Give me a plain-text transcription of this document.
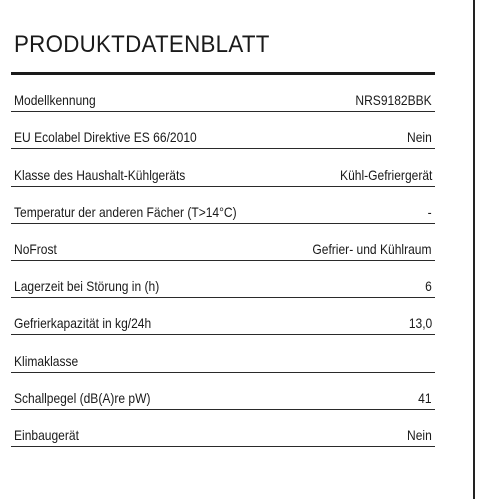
PRODUKTDATENBLATT
Modellkennung	NRS9182BBK
EU Ecolabel Direktive ES 66/2010	Nein
Klasse des Haushalt-Kühlgeräts	Kühl-Gefriergerät
Temperatur der anderen Fächer (T>14°C)	-
NoFrost	Gefrier- und Kühlraum
Lagerzeit bei Störung in (h)	6
Gefrierkapazität in kg/24h	13,0
Klimaklasse
Schallpegel (dB(A)re pW)	41
Einbaugerät	Nein
